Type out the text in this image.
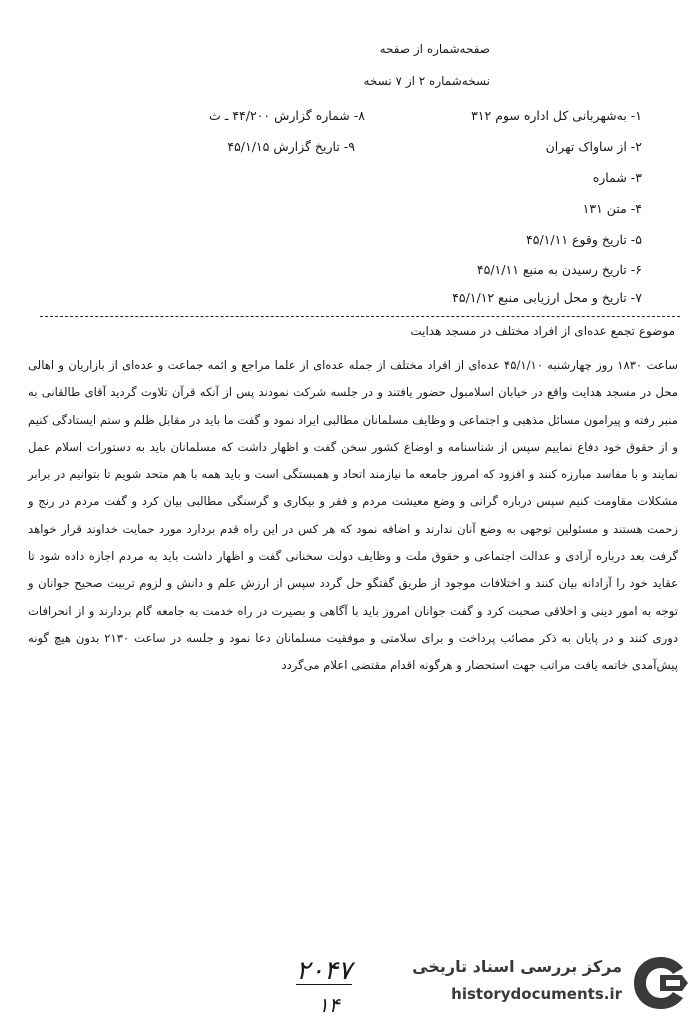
صفحه‌شماره از صفحه
نسخه‌شماره ۲ از ۷ نسخه
۱- به‌شهربانی کل اداره سوم ۳۱۲
۸- شماره گزارش ۴۴/۲۰۰ ـ ث
۲- از ساواک تهران
۹- تاریخ گزارش ۴۵/۱/۱۵
۳- شماره
۴- متن ۱۳۱
۵- تاریخ وقوع ۴۵/۱/۱۱
۶- تاریخ رسیدن به منبع ۴۵/۱/۱۱
۷- تاریخ و محل ارزیابی منبع ۴۵/۱/۱۲
موضوع تجمع عده‌ای از افراد مختلف در مسجد هدایت
ساعت ۱۸۳۰ روز چهارشنبه ۴۵/۱/۱۰ عده‌ای از افراد مختلف از جمله عده‌ای از علما مراجع و ائمه جماعت و عده‌ای از بازاریان و اهالی محل در مسجد هدایت واقع در خیابان اسلامبول حضور یافتند و در جلسه شرکت نمودند پس از آنکه قرآن تلاوت گردید آقای طالقانی به منبر رفته و پیرامون مسائل مذهبی و اجتماعی و وظایف مسلمانان مطالبی ایراد نمود و گفت ما باید در مقابل ظلم و ستم ایستادگی کنیم و از حقوق خود دفاع نماییم سپس از شناسنامه و اوضاع کشور سخن گفت و اظهار داشت که مسلمانان باید به دستورات اسلام عمل نمایند و با مفاسد مبارزه کنند و افزود که امروز جامعه ما نیازمند اتحاد و همبستگی است و باید همه با هم متحد شویم تا بتوانیم در برابر مشکلات مقاومت کنیم سپس درباره گرانی و وضع معیشت مردم و فقر و بیکاری و گرسنگی مطالبی بیان کرد و گفت مردم در رنج و زحمت هستند و مسئولین توجهی به وضع آنان ندارند و اضافه نمود که هر کس در این راه قدم بردارد مورد حمایت خداوند قرار خواهد گرفت بعد درباره آزادی و عدالت اجتماعی و حقوق ملت و وظایف دولت سخنانی گفت و اظهار داشت باید به مردم اجازه داده شود تا عقاید خود را آزادانه بیان کنند و اختلافات موجود از طریق گفتگو حل گردد سپس از ارزش علم و دانش و لزوم تربیت صحیح جوانان و توجه به امور دینی و اخلاقی صحبت کرد و گفت جوانان امروز باید با آگاهی و بصیرت در راه خدمت به جامعه گام بردارند و از انحرافات دوری کنند و در پایان به ذکر مصائب پرداخت و برای سلامتی و موفقیت مسلمانان دعا نمود و جلسه در ساعت ۲۱۳۰ بدون هیچ گونه پیش‌آمدی خاتمه یافت مراتب جهت استحضار و هرگونه اقدام مقتضی اعلام می‌گردد
۲۰۴۷
۱۴
مرکز بررسی اسناد تاریخی
historydocuments.ir
